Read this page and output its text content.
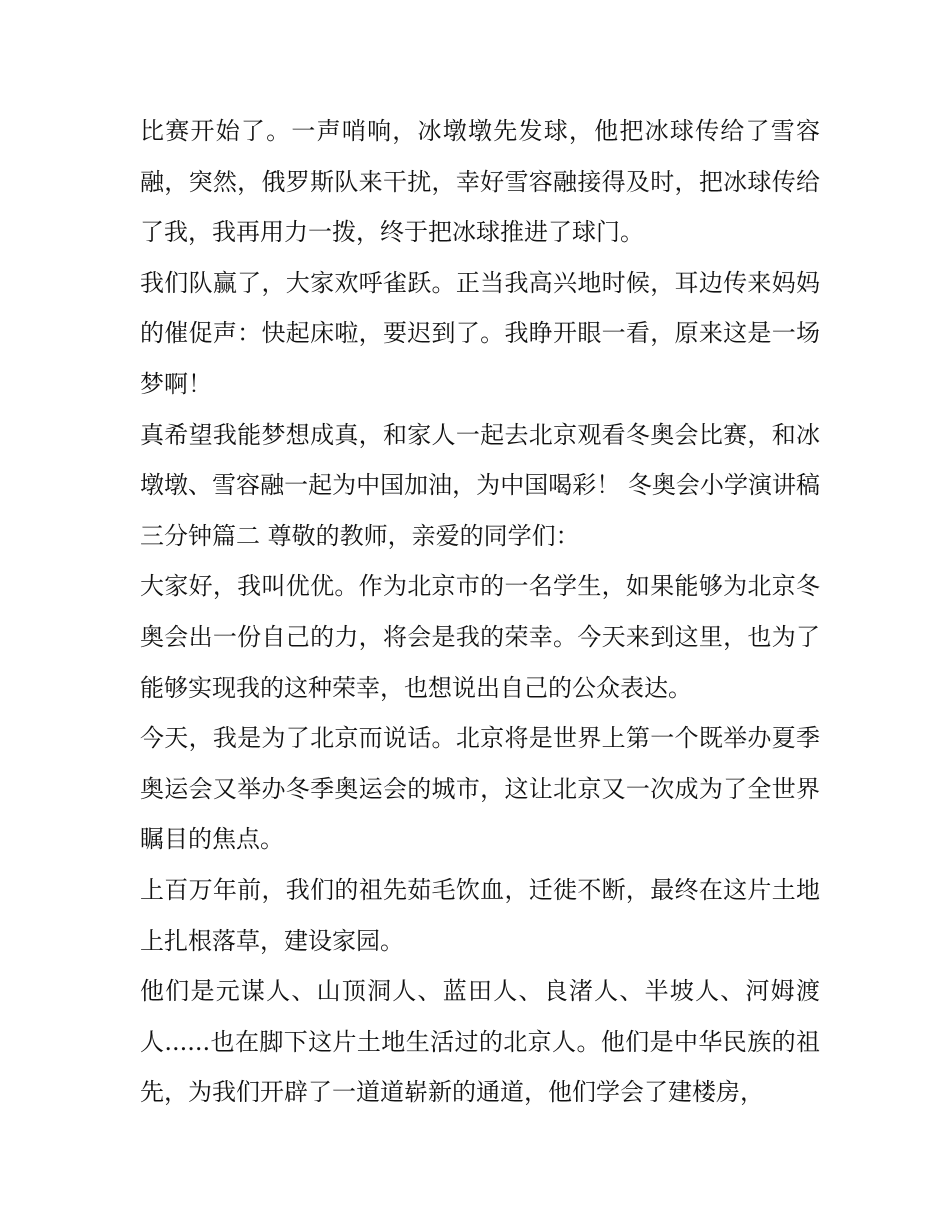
比赛开始了。一声哨响，冰墩墩先发球，他把冰球传给了雪容融，突然，俄罗斯队来干扰，幸好雪容融接得及时，把冰球传给了我，我再用力一拨，终于把冰球推进了球门。

我们队赢了，大家欢呼雀跃。正当我高兴地时候，耳边传来妈妈的催促声：快起床啦，要迟到了。我睁开眼一看，原来这是一场梦啊！

真希望我能梦想成真，和家人一起去北京观看冬奥会比赛，和冰墩墩、雪容融一起为中国加油，为中国喝彩！ 冬奥会小学演讲稿三分钟篇二 尊敬的教师，亲爱的同学们：

大家好，我叫优优。作为北京市的一名学生，如果能够为北京冬奥会出一份自己的力，将会是我的荣幸。今天来到这里，也为了能够实现我的这种荣幸，也想说出自己的公众表达。

今天，我是为了北京而说话。北京将是世界上第一个既举办夏季奥运会又举办冬季奥运会的城市，这让北京又一次成为了全世界瞩目的焦点。

上百万年前，我们的祖先茹毛饮血，迁徙不断，最终在这片土地上扎根落草，建设家园。

他们是元谋人、山顶洞人、蓝田人、良渚人、半坡人、河姆渡人......也在脚下这片土地生活过的北京人。他们是中华民族的祖先，为我们开辟了一道道崭新的通道，他们学会了建楼房，
